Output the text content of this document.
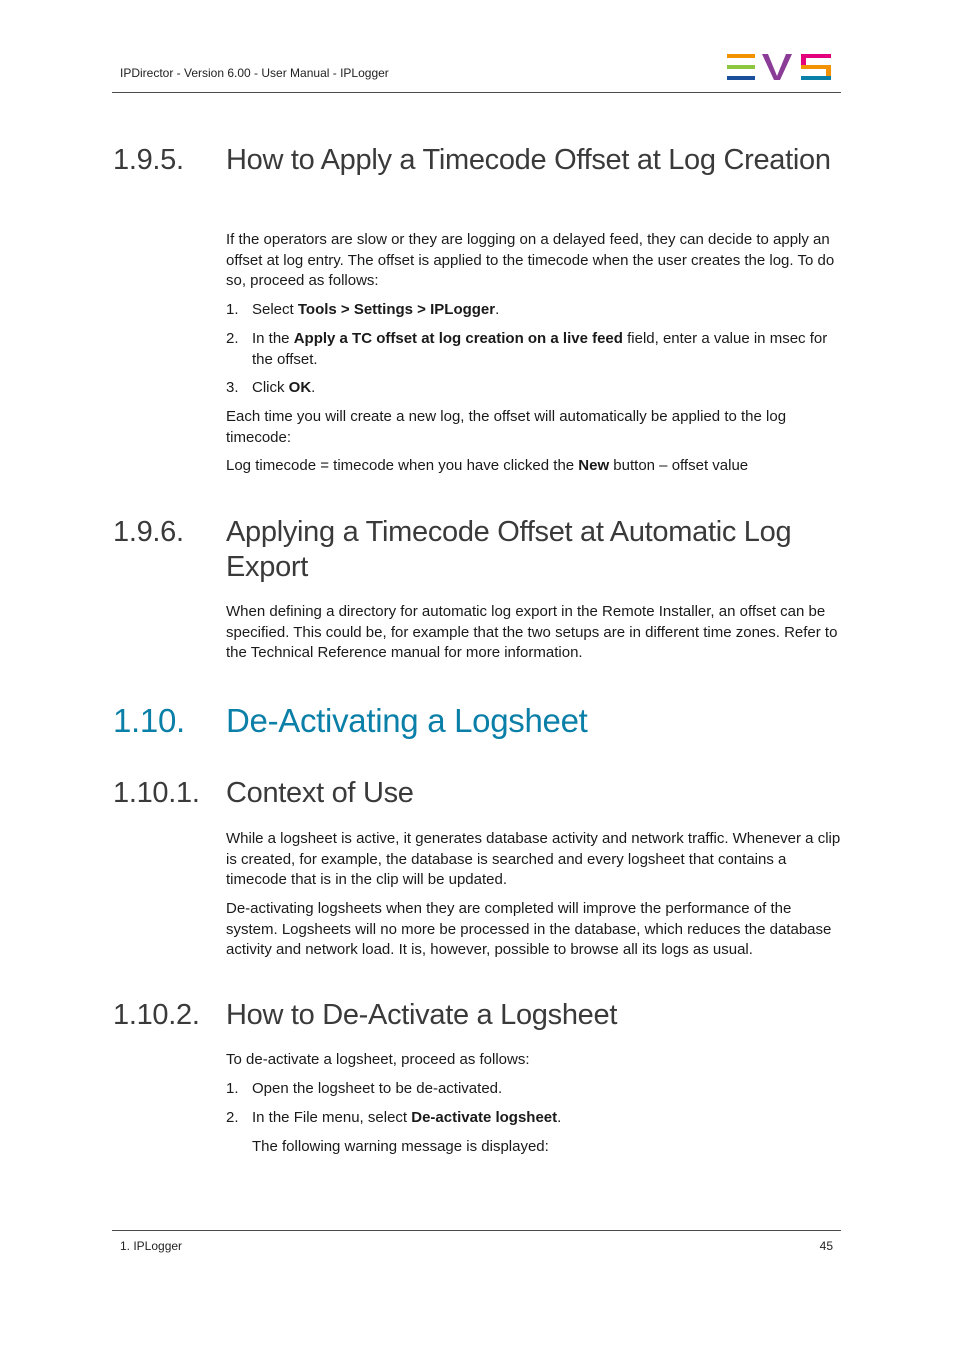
IPDirector - Version 6.00 - User Manual - IPLogger
1.9.5. How to Apply a Timecode Offset at Log Creation
If the operators are slow or they are logging on a delayed feed, they can decide to apply an offset at log entry. The offset is applied to the timecode when the user creates the log. To do so, proceed as follows:
1. Select Tools > Settings > IPLogger.
2. In the Apply a TC offset at log creation on a live feed field, enter a value in msec for the offset.
3. Click OK.
Each time you will create a new log, the offset will automatically be applied to the log timecode:
Log timecode = timecode when you have clicked the New button – offset value
1.9.6. Applying a Timecode Offset at Automatic Log Export
When defining a directory for automatic log export in the Remote Installer, an offset can be specified. This could be, for example that the two setups are in different time zones. Refer to the Technical Reference manual for more information.
1.10. De-Activating a Logsheet
1.10.1. Context of Use
While a logsheet is active, it generates database activity and network traffic. Whenever a clip is created, for example, the database is searched and every logsheet that contains a timecode that is in the clip will be updated.
De-activating logsheets when they are completed will improve the performance of the system. Logsheets will no more be processed in the database, which reduces the database activity and network load. It is, however, possible to browse all its logs as usual.
1.10.2. How to De-Activate a Logsheet
To de-activate a logsheet, proceed as follows:
1. Open the logsheet to be de-activated.
2. In the File menu, select De-activate logsheet.
The following warning message is displayed:
1. IPLogger	45
